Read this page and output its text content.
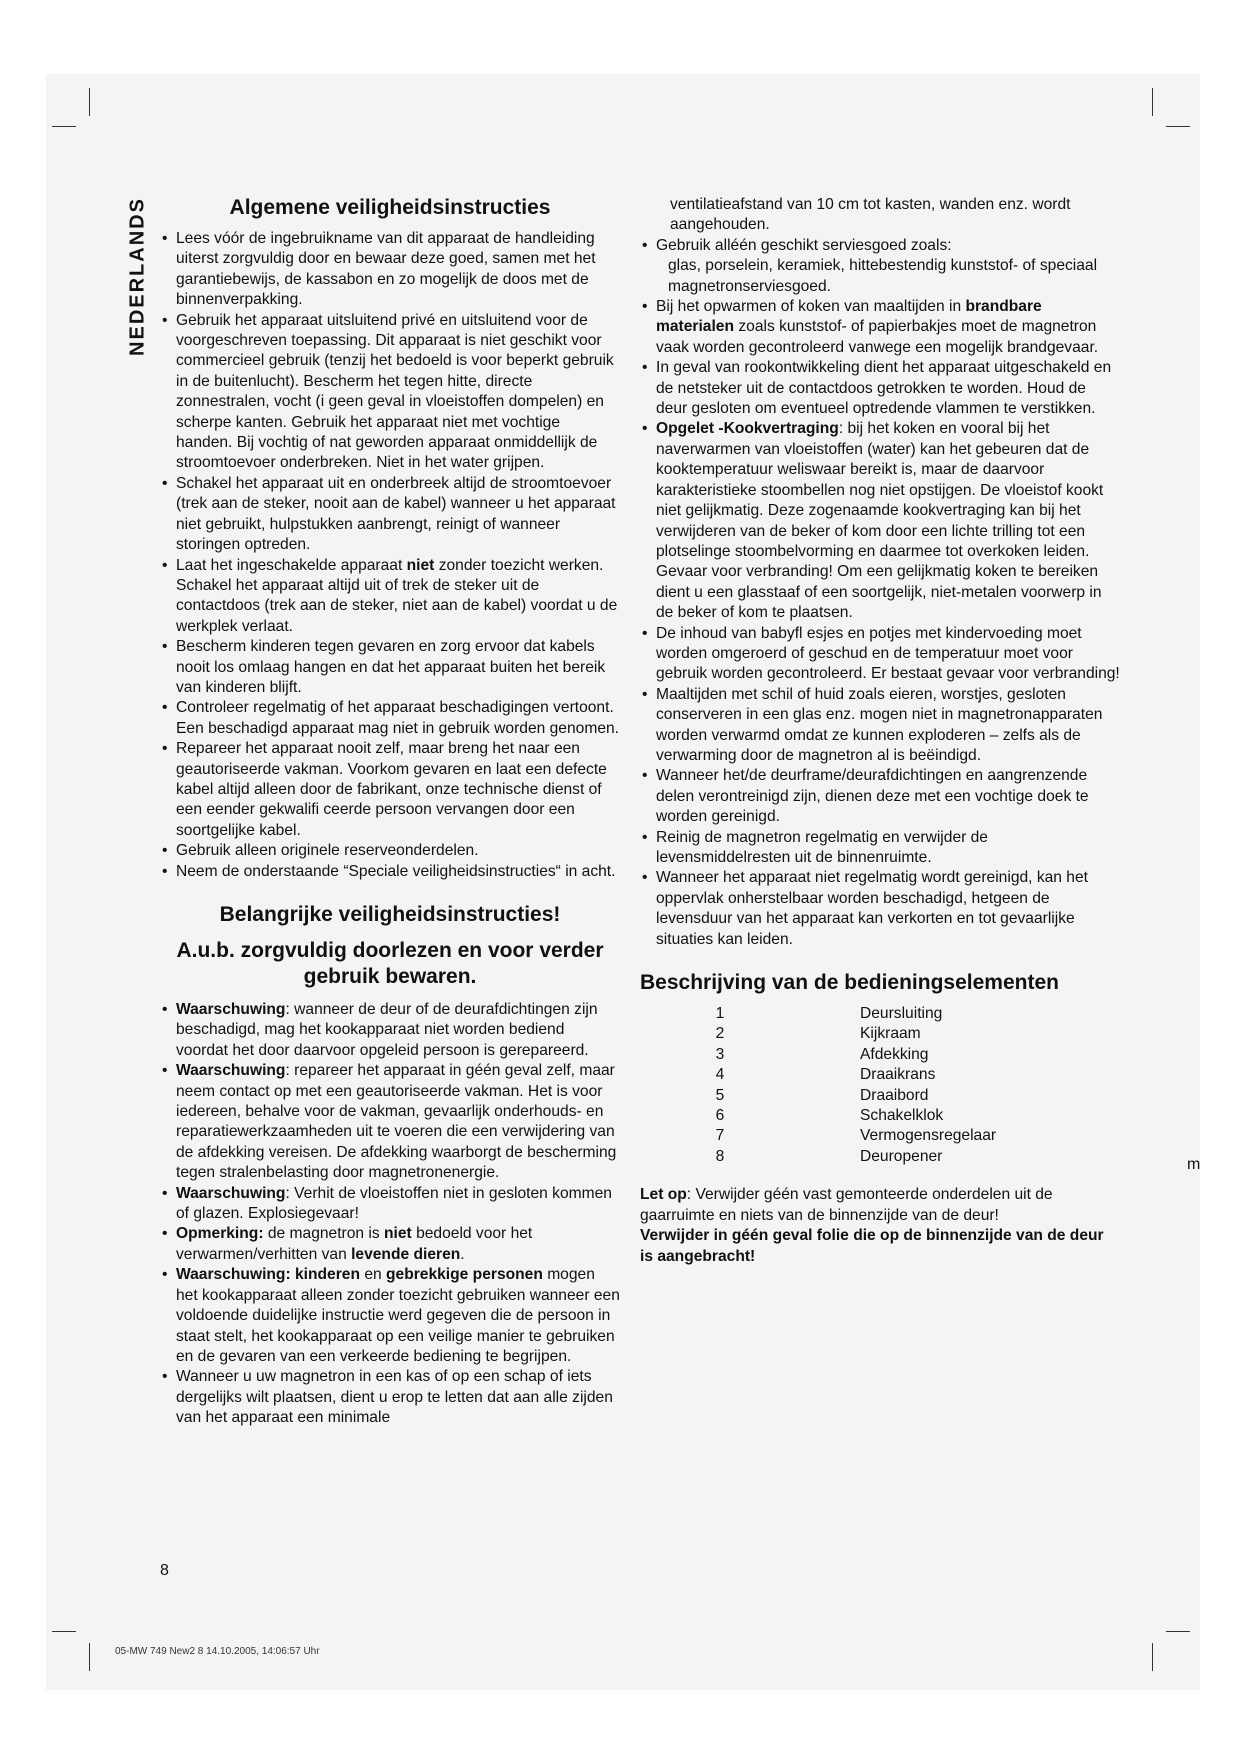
NEDERLANDS	Algemene veiligheidsinstructies
• Lees vóór de ingebruikname van dit apparaat de handleiding uiterst zorgvuldig door en bewaar deze goed, samen met het garantiebewijs, de kassabon en zo mogelijk de doos met de binnenverpakking.
• Gebruik het apparaat uitsluitend privé en uitsluitend voor de voorgeschreven toepassing. Dit apparaat is niet geschikt voor commercieel gebruik (tenzij het bedoeld is voor beperkt gebruik in de buitenlucht). Bescherm het tegen hitte, directe zonnestralen, vocht (i geen geval in vloeistoffen dompelen) en scherpe kanten. Gebruik het apparaat niet met vochtige handen. Bij vochtig of nat geworden apparaat onmiddellijk de stroomtoevoer onderbreken. Niet in het water grijpen.
• Schakel het apparaat uit en onderbreek altijd de stroomtoevoer (trek aan de steker, nooit aan de kabel) wanneer u het apparaat niet gebruikt, hulpstukken aanbrengt, reinigt of wanneer storingen optreden.
• Laat het ingeschakelde apparaat niet zonder toezicht werken. Schakel het apparaat altijd uit of trek de steker uit de contactdoos (trek aan de steker, niet aan de kabel) voordat u de werkplek verlaat.
• Bescherm kinderen tegen gevaren en zorg ervoor dat kabels nooit los omlaag hangen en dat het apparaat buiten het bereik van kinderen blijft.
• Controleer regelmatig of het apparaat beschadigingen vertoont. Een beschadigd apparaat mag niet in gebruik worden genomen.
• Repareer het apparaat nooit zelf, maar breng het naar een geautoriseerde vakman. Voorkom gevaren en laat een defecte kabel altijd alleen door de fabrikant, onze technische dienst of een eender gekwalifi ceerde persoon vervangen door een soortgelijke kabel.
• Gebruik alleen originele reserveonderdelen.
• Neem de onderstaande “Speciale veiligheidsinstructies“ in acht.
Belangrijke veiligheidsinstructies!
A.u.b. zorgvuldig doorlezen en voor verder gebruik bewaren.
• Waarschuwing: wanneer de deur of de deurafdichtingen zijn beschadigd, mag het kookapparaat niet worden bediend voordat het door daarvoor opgeleid persoon is gerepareerd.
• Waarschuwing: repareer het apparaat in géén geval zelf, maar neem contact op met een geautoriseerde vakman. Het is voor iedereen, behalve voor de vakman, gevaarlijk onderhouds- en reparatiewerkzaamheden uit te voeren die een verwijdering van de afdekking vereisen. De afdekking waarborgt de bescherming tegen stralenbelasting door magnetronenergie.
• Waarschuwing: Verhit de vloeistoffen niet in gesloten kommen of glazen. Explosiegevaar!
• Opmerking: de magnetron is niet bedoeld voor het verwarmen/verhitten van levende dieren.
• Waarschuwing: kinderen en gebrekkige personen mogen het kookapparaat alleen zonder toezicht gebruiken wanneer een voldoende duidelijke instructie werd gegeven die de persoon in staat stelt, het kookapparaat op een veilige manier te gebruiken en de gevaren van een verkeerde bediening te begrijpen.
• Wanneer u uw magnetron in een kas of op een schap of iets dergelijks wilt plaatsen, dient u erop te letten dat aan alle zijden van het apparaat een minimale
ventilatieafstand van 10 cm tot kasten, wanden enz. wordt aangehouden.
• Gebruik alléén geschikt serviesgoed zoals:
glas, porselein, keramiek, hittebestendig kunststof- of speciaal magnetronserviesgoed.
• Bij het opwarmen of koken van maaltijden in brandbare materialen zoals kunststof- of papierbakjes moet de magnetron vaak worden gecontroleerd vanwege een mogelijk brandgevaar.
• In geval van rookontwikkeling dient het apparaat uitgeschakeld en de netsteker uit de contactdoos getrokken te worden. Houd de deur gesloten om eventueel optredende vlammen te verstikken.
• Opgelet -Kookvertraging: bij het koken en vooral bij het naverwarmen van vloeistoffen (water) kan het gebeuren dat de kooktemperatuur weliswaar bereikt is, maar de daarvoor karakteristieke stoombellen nog niet opstijgen. De vloeistof kookt niet gelijkmatig. Deze zogenaamde kookvertraging kan bij het verwijderen van de beker of kom door een lichte trilling tot een plotselinge stoombelvorming en daarmee tot overkoken leiden. Gevaar voor verbranding! Om een gelijkmatig koken te bereiken dient u een glasstaaf of een soortgelijk, niet-metalen voorwerp in de beker of kom te plaatsen.
• De inhoud van babyfl esjes en potjes met kindervoeding moet worden omgeroerd of geschud en de temperatuur moet voor gebruik worden gecontroleerd. Er bestaat gevaar voor verbranding!
• Maaltijden met schil of huid zoals eieren, worstjes, gesloten conserveren in een glas enz. mogen niet in magnetronapparaten worden verwarmd omdat ze kunnen exploderen – zelfs als de verwarming door de magnetron al is beëindigd.
• Wanneer het/de deurframe/deurafdichtingen en aangrenzende delen verontreinigd zijn, dienen deze met een vochtige doek te worden gereinigd.
• Reinig de magnetron regelmatig en verwijder de levensmiddelresten uit de binnenruimte.
• Wanneer het apparaat niet regelmatig wordt gereinigd, kan het oppervlak onherstelbaar worden beschadigd, hetgeen de levensduur van het apparaat kan verkorten en tot gevaarlijke situaties kan leiden.
Beschrijving van de bedieningselementen
1	Deursluiting
2	Kijkraam
3	Afdekking
4	Draaikrans
5	Draaibord
6	Schakelklok
7	Vermogensregelaar
8	Deuropener
Let op: Verwijder géén vast gemonteerde onderdelen uit de gaarruimte en niets van de binnenzijde van de deur!
Verwijder in géén geval folie die op de binnenzijde van de deur is aangebracht!
m
8
05-MW 749 New2 8 14.10.2005, 14:06:57 Uhr
